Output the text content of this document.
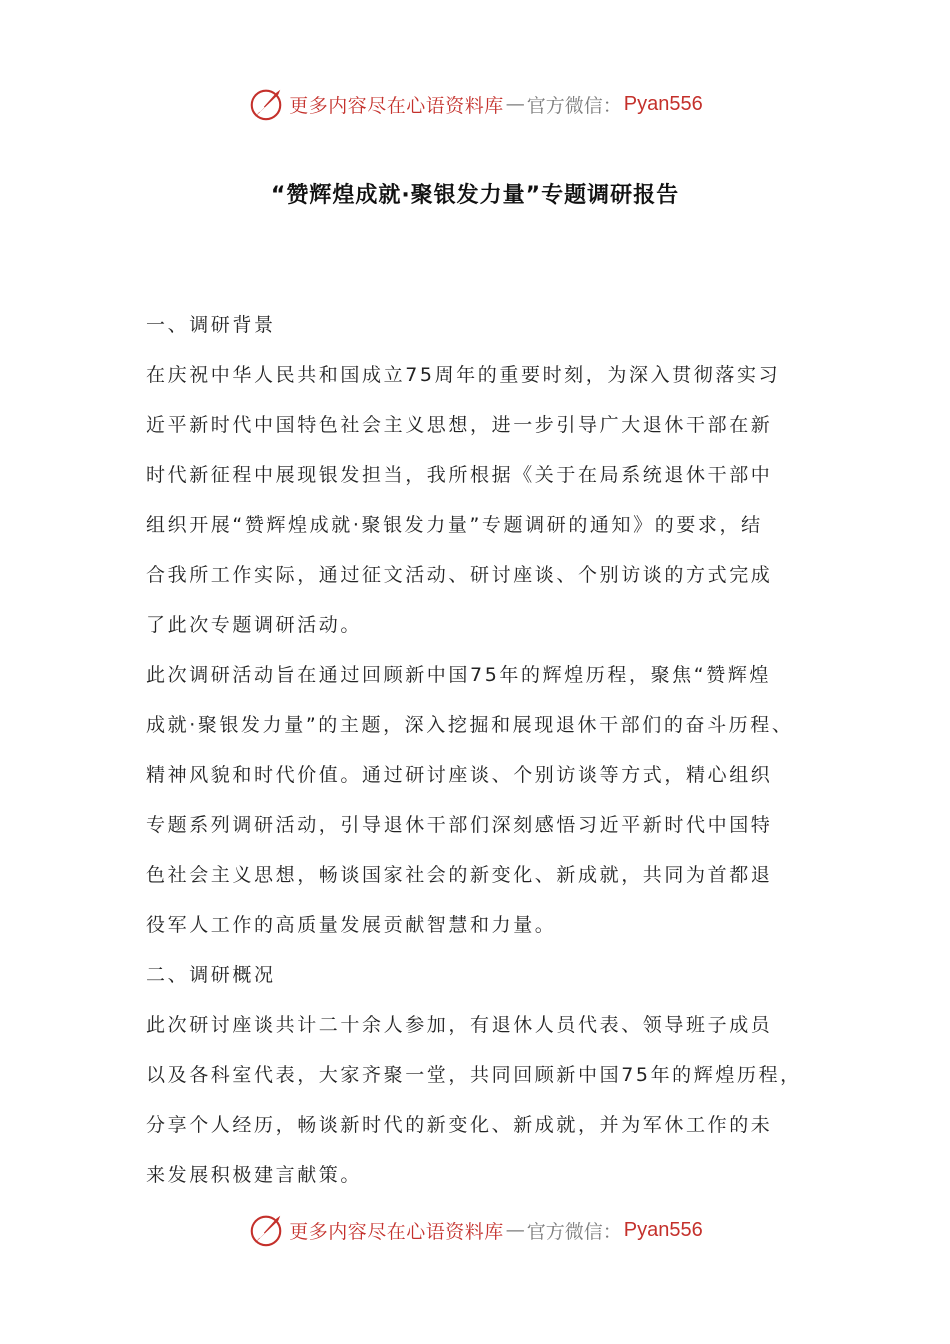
更多内容尽在心语资料库 — 官方微信： Pyan556
“赞辉煌成就·聚银发力量”专题调研报告
一、调研背景
在庆祝中华人民共和国成立75周年的重要时刻，为深入贯彻落实习
近平新时代中国特色社会主义思想，进一步引导广大退休干部在新
时代新征程中展现银发担当，我所根据《关于在局系统退休干部中
组织开展“赞辉煌成就·聚银发力量”专题调研的通知》的要求，结
合我所工作实际，通过征文活动、研讨座谈、个别访谈的方式完成
了此次专题调研活动。
此次调研活动旨在通过回顾新中国75年的辉煌历程，聚焦“赞辉煌
成就·聚银发力量”的主题，深入挖掘和展现退休干部们的奋斗历程、
精神风貌和时代价值。通过研讨座谈、个别访谈等方式，精心组织
专题系列调研活动，引导退休干部们深刻感悟习近平新时代中国特
色社会主义思想，畅谈国家社会的新变化、新成就，共同为首都退
役军人工作的高质量发展贡献智慧和力量。
二、调研概况
此次研讨座谈共计二十余人参加，有退休人员代表、领导班子成员
以及各科室代表，大家齐聚一堂，共同回顾新中国75年的辉煌历程，
分享个人经历，畅谈新时代的新变化、新成就，并为军休工作的未
来发展积极建言献策。
更多内容尽在心语资料库 — 官方微信： Pyan556
